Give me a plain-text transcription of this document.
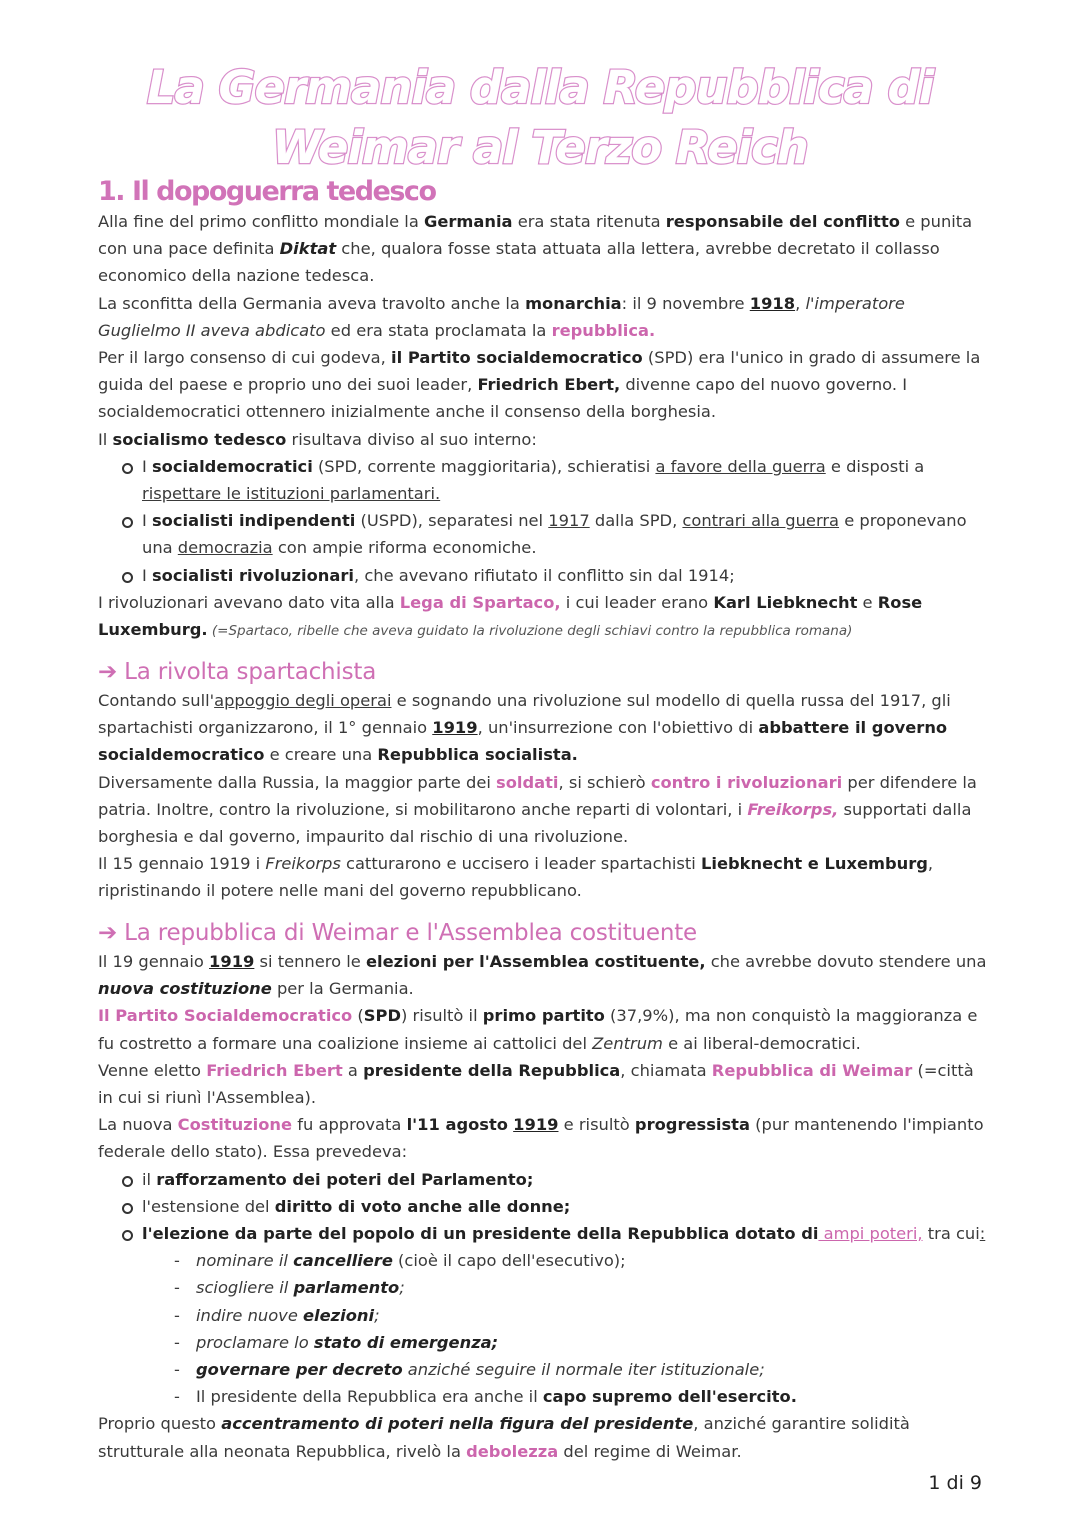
La Germania dalla Repubblica di
Weimar al Terzo Reich
1. Il dopoguerra tedesco

Alla fine del primo conflitto mondiale la Germania era stata ritenuta responsabile del conflitto e punita con una pace definita Diktat che, qualora fosse stata attuata alla lettera, avrebbe decretato il collasso economico della nazione tedesca.

La sconfitta della Germania aveva travolto anche la monarchia: il 9 novembre 1918, l'imperatore Guglielmo II aveva abdicato ed era stata proclamata la repubblica.

Per il largo consenso di cui godeva, il Partito socialdemocratico (SPD) era l'unico in grado di assumere la guida del paese e proprio uno dei suoi leader, Friedrich Ebert, divenne capo del nuovo governo. I socialdemocratici ottennero inizialmente anche il consenso della borghesia.

Il socialismo tedesco risultava diviso al suo interno:

I socialdemocratici (SPD, corrente maggioritaria), schieratisi a favore della guerra e disposti a rispettare le istituzioni parlamentari.
I socialisti indipendenti (USPD), separatesi nel 1917 dalla SPD, contrari alla guerra e proponevano una democrazia con ampie riforma economiche.
I socialisti rivoluzionari, che avevano rifiutato il conflitto sin dal 1914;

I rivoluzionari avevano dato vita alla Lega di Spartaco, i cui leader erano Karl Liebknecht e Rose Luxemburg. (=Spartaco, ribelle che aveva guidato la rivoluzione degli schiavi contro la repubblica romana)

➔ La rivolta spartachista

Contando sull'appoggio degli operai e sognando una rivoluzione sul modello di quella russa del 1917, gli spartachisti organizzarono, il 1° gennaio 1919, un'insurrezione con l'obiettivo di abbattere il governo socialdemocratico e creare una Repubblica socialista.

Diversamente dalla Russia, la maggior parte dei soldati, si schierò contro i rivoluzionari per difendere la patria. Inoltre, contro la rivoluzione, si mobilitarono anche reparti di volontari, i Freikorps, supportati dalla borghesia e dal governo, impaurito dal rischio di una rivoluzione.

Il 15 gennaio 1919 i Freikorps catturarono e uccisero i leader spartachisti Liebknecht e Luxemburg, ripristinando il potere nelle mani del governo repubblicano.

➔ La repubblica di Weimar e l'Assemblea costituente

Il 19 gennaio 1919 si tennero le elezioni per l'Assemblea costituente, che avrebbe dovuto stendere una nuova costituzione per la Germania.

Il Partito Socialdemocratico (SPD) risultò il primo partito (37,9%), ma non conquistò la maggioranza e fu costretto a formare una coalizione insieme ai cattolici del Zentrum e ai liberal-democratici.

Venne eletto Friedrich Ebert a presidente della Repubblica, chiamata Repubblica di Weimar (=città in cui si riunì l'Assemblea).

La nuova Costituzione fu approvata l'11 agosto 1919 e risultò progressista (pur mantenendo l'impianto federale dello stato). Essa prevedeva:

il rafforzamento dei poteri del Parlamento;
l'estensione del diritto di voto anche alle donne;
l'elezione da parte del popolo di un presidente della Repubblica dotato di ampi poteri, tra cui:
- nominare il cancelliere (cioè il capo dell'esecutivo);
- sciogliere il parlamento;
- indire nuove elezioni;
- proclamare lo stato di emergenza;
- governare per decreto anziché seguire il normale iter istituzionale;
- Il presidente della Repubblica era anche il capo supremo dell'esercito.

Proprio questo accentramento di poteri nella figura del presidente, anziché garantire solidità strutturale alla neonata Repubblica, rivelò la debolezza del regime di Weimar.

1 di 9
